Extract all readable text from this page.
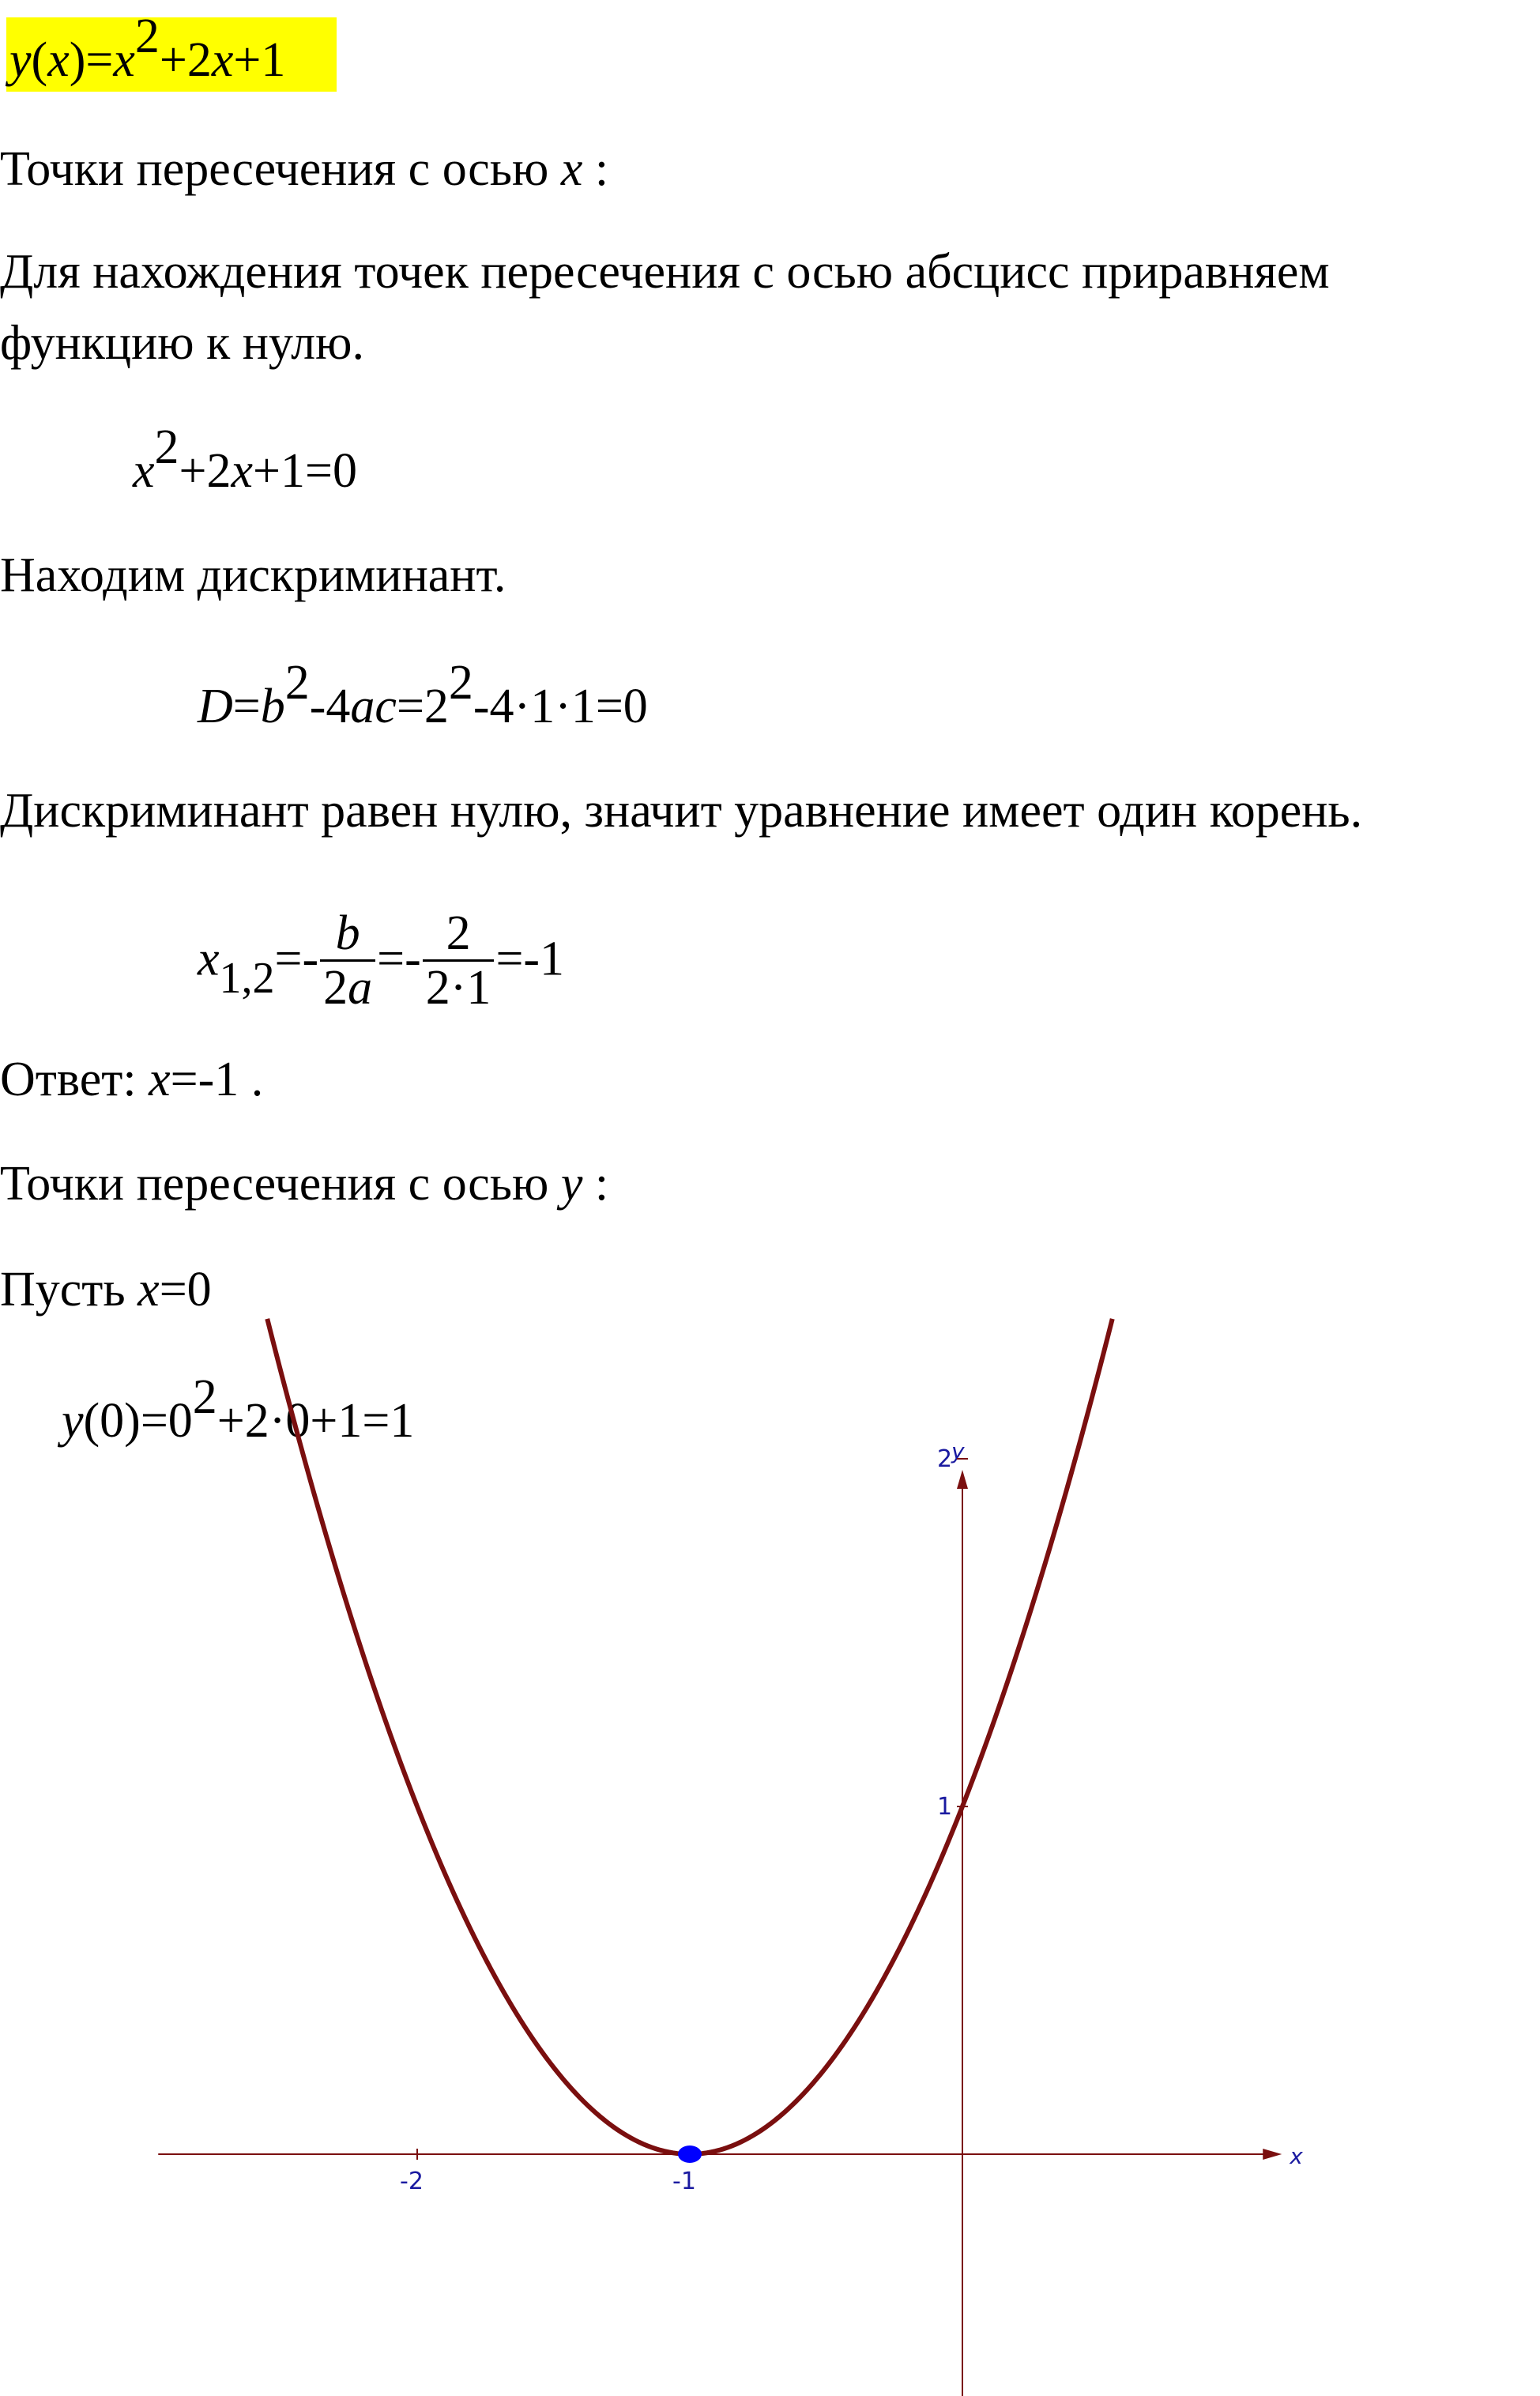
$y(x)=x^2+2x+1$
Точки пересечения с осью x :
Для нахождения точек пересечения с осью абсцисс приравняем
функцию к нулю.
$x^2+2x+1=0$
Находим дискриминант.
$D=b^2-4ac=2^2-4\cdot 1\cdot 1=0$
Дискриминант равен нулю, значит уравнение имеет один корень.
$x_{1,2}=- \frac{b}{2a} =- \frac{2}{2\cdot 1} =-1$
Ответ: x=-1 .
Точки пересечения с осью y :
Пусть x=0
$y(0)=0^2+2\cdot 0+1=1$
x
y
-2	-1
1
2
